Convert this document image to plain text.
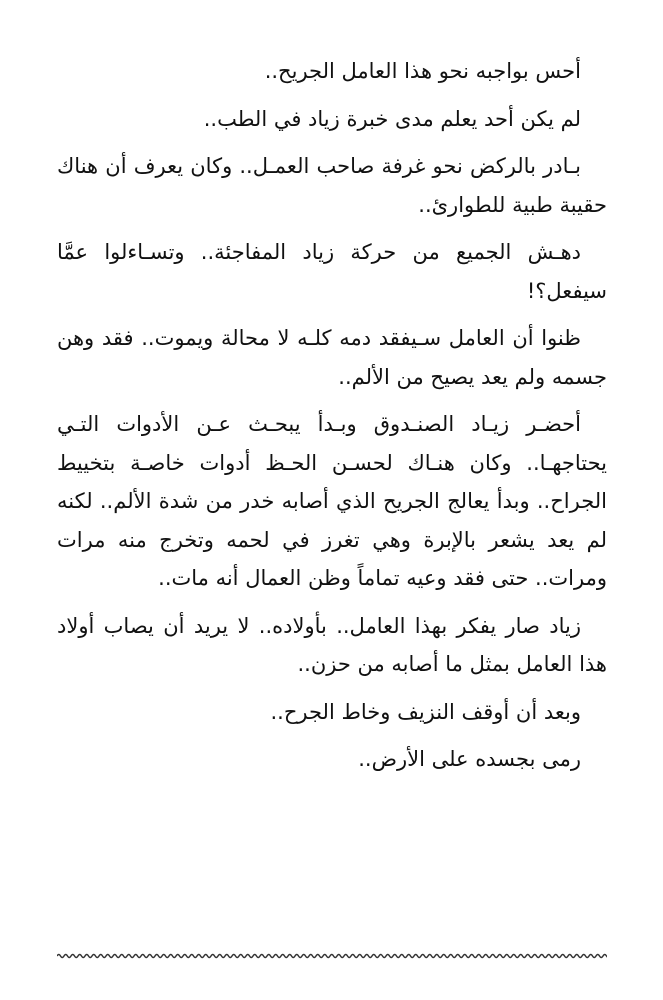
أحس بواجبه نحو هذا العامل الجريح..

لم يكن أحد يعلم مدى خبرة زياد في الطب..

بـادر بالركض نحو غرفة صاحب العمـل.. وكان يعرف أن هناك حقيبة طبية للطوارئ..

دهـش الجميع من حركة زياد المفاجئة.. وتسـاءلوا عمَّا سيفعل؟!

ظنوا أن العامل سـيفقد دمه كلـه لا محالة ويموت.. فقد وهن جسمه ولم يعد يصيح من الألم..

أحضـر زيـاد الصنـدوق وبـدأ يبحـث عـن الأدوات التـي يحتاجهـا.. وكان هنـاك لحسـن الحـظ أدوات خاصـة بتخييط الجراح.. وبدأ يعالج الجريح الذي أصابه خدر من شدة الألم.. لكنه لم يعد يشعر بالإبرة وهي تغرز في لحمه وتخرج منه مرات ومرات.. حتى فقد وعيه تماماً وظن العمال أنه مات..

زياد صار يفكر بهذا العامل.. بأولاده.. لا يريد أن يصاب أولاد هذا العامل بمثل ما أصابه من حزن..

وبعد أن أوقف النزيف وخاط الجرح..

رمى بجسده على الأرض..
